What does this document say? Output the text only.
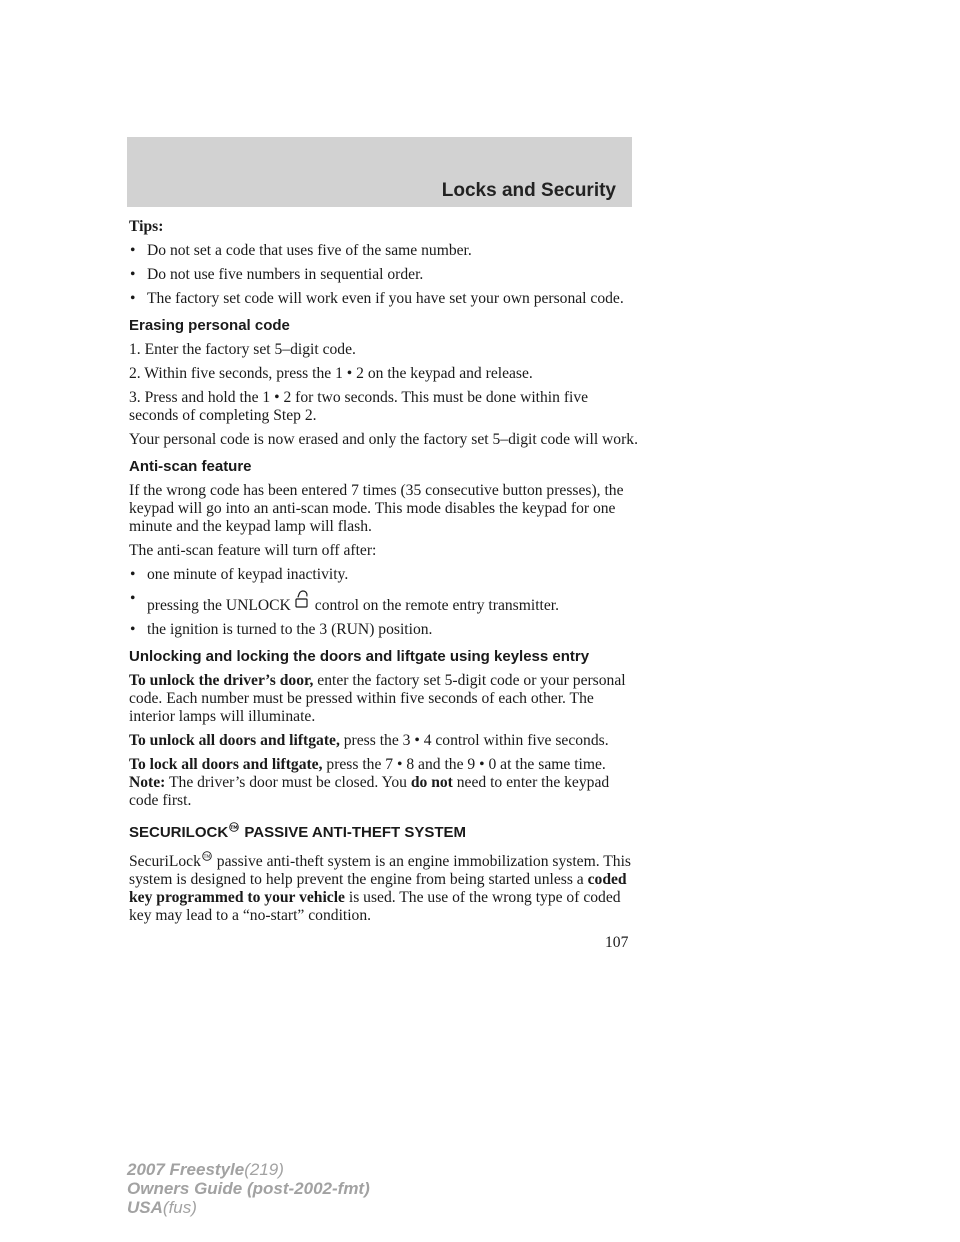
Locks and Security

Tips:

• Do not set a code that uses five of the same number.

• Do not use five numbers in sequential order.

• The factory set code will work even if you have set your own personal code.

Erasing personal code

1. Enter the factory set 5–digit code.

2. Within five seconds, press the 1 • 2 on the keypad and release.

3. Press and hold the 1 • 2 for two seconds. This must be done within five seconds of completing Step 2.

Your personal code is now erased and only the factory set 5–digit code will work.

Anti-scan feature

If the wrong code has been entered 7 times (35 consecutive button presses), the keypad will go into an anti-scan mode. This mode disables the keypad for one minute and the keypad lamp will flash.

The anti-scan feature will turn off after:

• one minute of keypad inactivity.

• pressing the UNLOCK control on the remote entry transmitter.

• the ignition is turned to the 3 (RUN) position.

Unlocking and locking the doors and liftgate using keyless entry

To unlock the driver’s door, enter the factory set 5-digit code or your personal code. Each number must be pressed within five seconds of each other. The interior lamps will illuminate.

To unlock all doors and liftgate, press the 3 • 4 control within five seconds.

To lock all doors and liftgate, press the 7 • 8 and the 9 • 0 at the same time. Note: The driver’s door must be closed. You do not need to enter the keypad code first.

SECURILOCK TM PASSIVE ANTI-THEFT SYSTEM

SecuriLock TM passive anti-theft system is an engine immobilization system. This system is designed to help prevent the engine from being started unless a coded key programmed to your vehicle is used. The use of the wrong type of coded key may lead to a “no-start” condition.

107
2007 Freestyle(219)
Owners Guide (post-2002-fmt)
USA(fus)
